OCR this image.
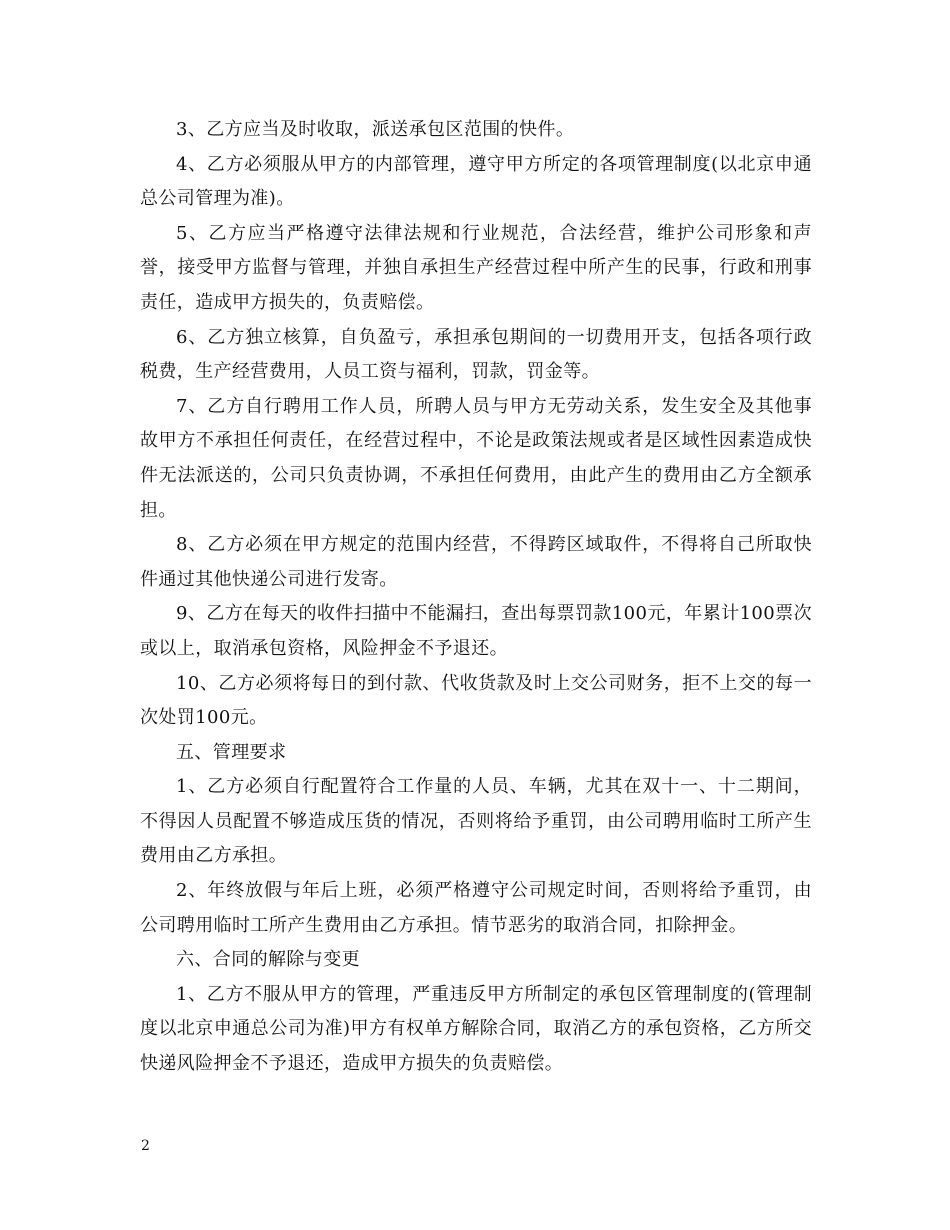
3、乙方应当及时收取，派送承包区范围的快件。

4、乙方必须服从甲方的内部管理，遵守甲方所定的各项管理制度(以北京申通总公司管理为准)。

5、乙方应当严格遵守法律法规和行业规范，合法经营，维护公司形象和声誉，接受甲方监督与管理，并独自承担生产经营过程中所产生的民事，行政和刑事责任，造成甲方损失的，负责赔偿。

6、乙方独立核算，自负盈亏，承担承包期间的一切费用开支，包括各项行政税费，生产经营费用，人员工资与福利，罚款，罚金等。

7、乙方自行聘用工作人员，所聘人员与甲方无劳动关系，发生安全及其他事故甲方不承担任何责任，在经营过程中，不论是政策法规或者是区域性因素造成快件无法派送的，公司只负责协调，不承担任何费用，由此产生的费用由乙方全额承担。

8、乙方必须在甲方规定的范围内经营，不得跨区域取件，不得将自己所取快件通过其他快递公司进行发寄。

9、乙方在每天的收件扫描中不能漏扫，查出每票罚款100元，年累计100票次或以上，取消承包资格，风险押金不予退还。

10、乙方必须将每日的到付款、代收货款及时上交公司财务，拒不上交的每一次处罚100元。

五、管理要求

1、乙方必须自行配置符合工作量的人员、车辆，尤其在双十一、十二期间，不得因人员配置不够造成压货的情况，否则将给予重罚，由公司聘用临时工所产生费用由乙方承担。

2、年终放假与年后上班，必须严格遵守公司规定时间，否则将给予重罚，由公司聘用临时工所产生费用由乙方承担。情节恶劣的取消合同，扣除押金。

六、合同的解除与变更

1、乙方不服从甲方的管理，严重违反甲方所制定的承包区管理制度的(管理制度以北京申通总公司为准)甲方有权单方解除合同，取消乙方的承包资格，乙方所交快递风险押金不予退还，造成甲方损失的负责赔偿。

2
